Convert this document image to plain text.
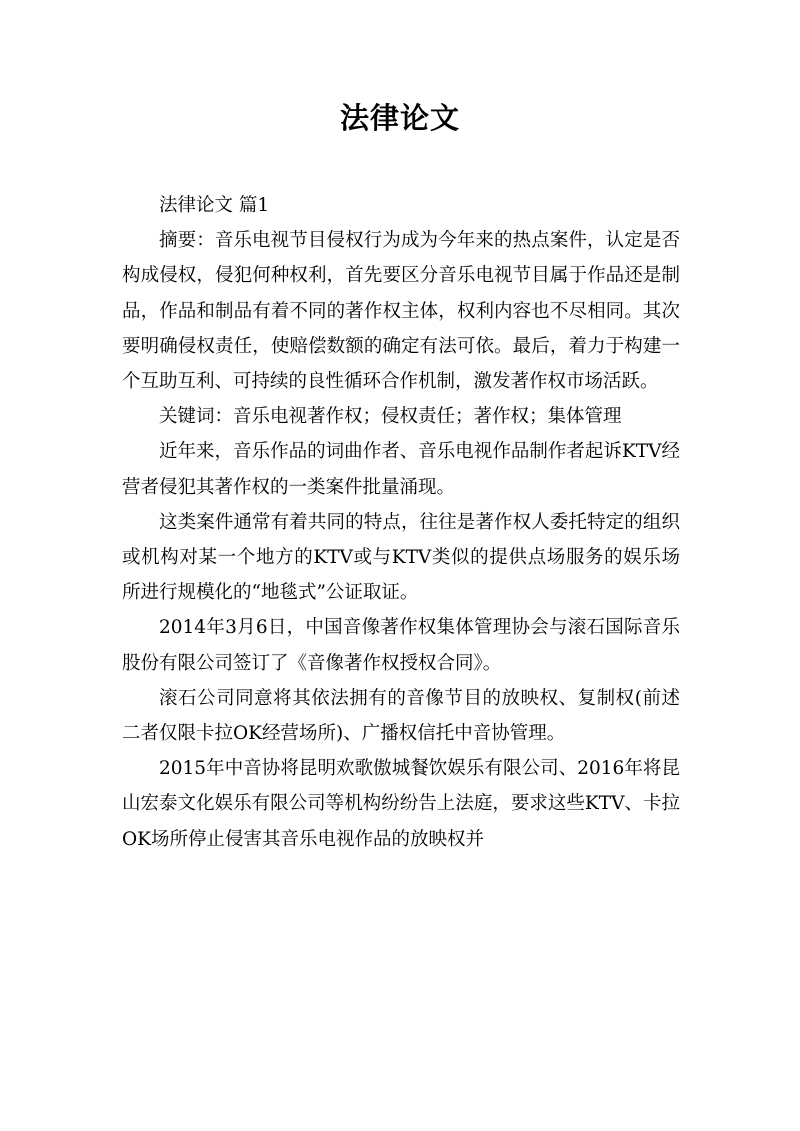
法律论文

法律论文 篇1

摘要：音乐电视节目侵权行为成为今年来的热点案件，认定是否构成侵权，侵犯何种权利，首先要区分音乐电视节目属于作品还是制品，作品和制品有着不同的著作权主体，权利内容也不尽相同。其次要明确侵权责任，使赔偿数额的确定有法可依。最后，着力于构建一个互助互利、可持续的良性循环合作机制，激发著作权市场活跃。

关键词：音乐电视著作权；侵权责任；著作权；集体管理

近年来，音乐作品的词曲作者、音乐电视作品制作者起诉KTV经营者侵犯其著作权的一类案件批量涌现。

这类案件通常有着共同的特点，往往是著作权人委托特定的组织或机构对某一个地方的KTV或与KTV类似的提供点场服务的娱乐场所进行规模化的“地毯式”公证取证。

2014年3月6日，中国音像著作权集体管理协会与滚石国际音乐股份有限公司签订了《音像著作权授权合同》。

滚石公司同意将其依法拥有的音像节目的放映权、复制权(前述二者仅限卡拉OK经营场所)、广播权信托中音协管理。

2015年中音协将昆明欢歌傲城餐饮娱乐有限公司、2016年将昆山宏泰文化娱乐有限公司等机构纷纷告上法庭，要求这些KTV、卡拉OK场所停止侵害其音乐电视作品的放映权并
